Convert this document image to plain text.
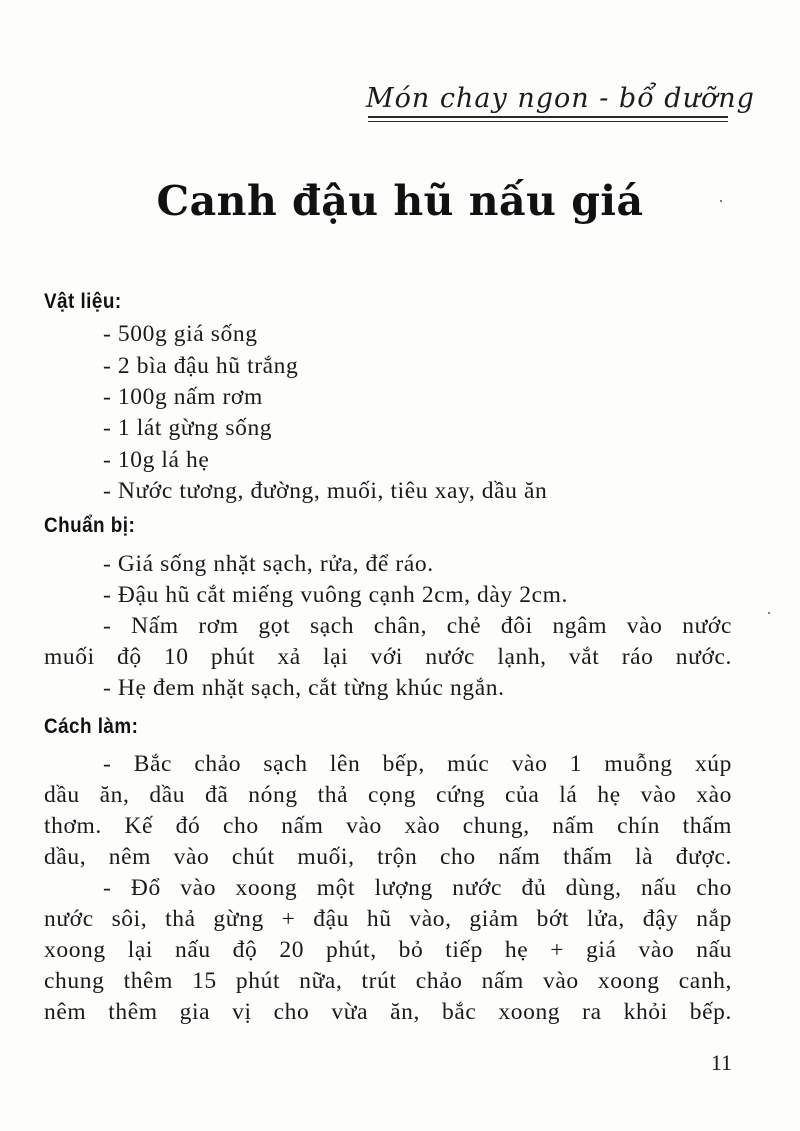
Món chay ngon - bổ dưỡng
Canh đậu hũ nấu giá
Vật liệu:
- 500g giá sống
- 2 bìa đậu hũ trắng
- 100g nấm rơm
- 1 lát gừng sống
- 10g lá hẹ
- Nước tương, đường, muối, tiêu xay, dầu ăn
Chuẩn bị:
- Giá sống nhặt sạch, rửa, để ráo.
- Đậu hũ cắt miếng vuông cạnh 2cm, dày 2cm.
- Nấm rơm gọt sạch chân, chẻ đôi ngâm vào nước
muối độ 10 phút xả lại với nước lạnh, vắt ráo nước.
- Hẹ đem nhặt sạch, cắt từng khúc ngắn.
Cách làm:
- Bắc chảo sạch lên bếp, múc vào 1 muỗng xúp
dầu ăn, dầu đã nóng thả cọng cứng của lá hẹ vào xào
thơm. Kế đó cho nấm vào xào chung, nấm chín thấm
dầu, nêm vào chút muối, trộn cho nấm thấm là được.
- Đổ vào xoong một lượng nước đủ dùng, nấu cho
nước sôi, thả gừng + đậu hũ vào, giảm bớt lửa, đậy nắp
xoong lại nấu độ 20 phút, bỏ tiếp hẹ + giá vào nấu
chung thêm 15 phút nữa, trút chảo nấm vào xoong canh,
nêm thêm gia vị cho vừa ăn, bắc xoong ra khỏi bếp.
11
